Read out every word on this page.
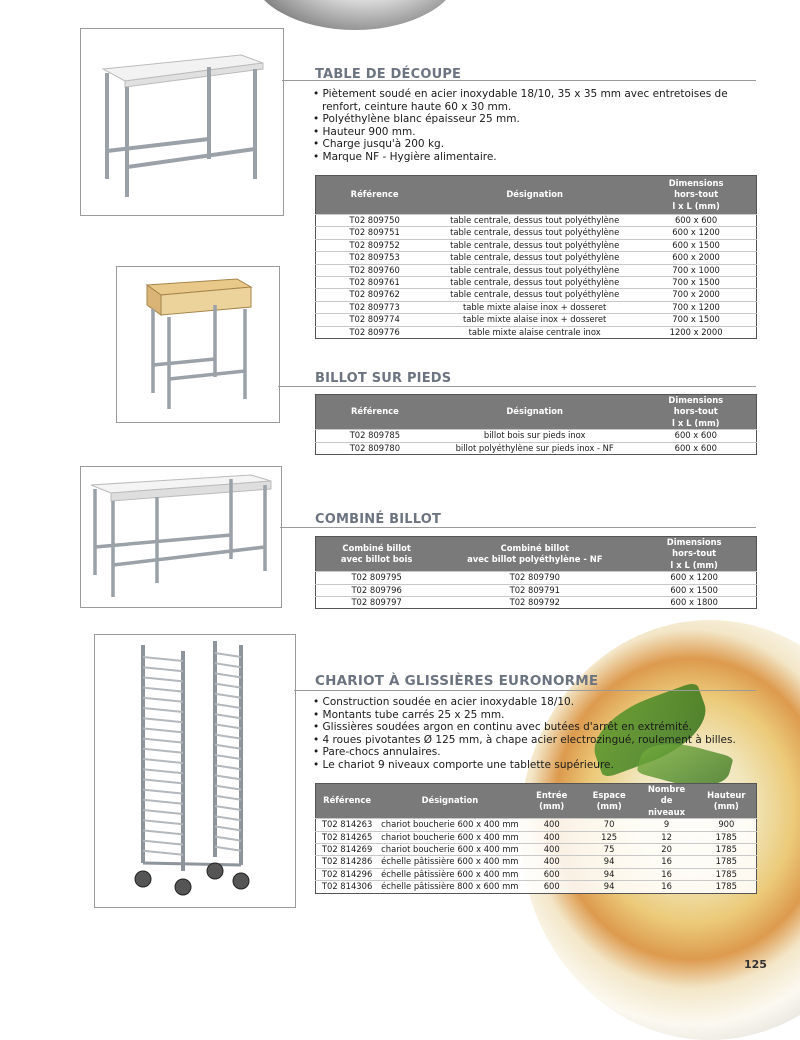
TABLE DE DÉCOUPE
• Piètement soudé en acier inoxydable 18/10, 35 x 35 mm avec entretoises de renfort, ceinture haute 60 x 30 mm.
• Polyéthylène blanc épaisseur 25 mm.
• Hauteur 900 mm.
• Charge jusqu'à 200 kg.
• Marque NF - Hygière alimentaire.
Référence	Désignation	Dimensions
hors-tout
l x L (mm)
T02 809750	table centrale, dessus tout polyéthylène	600 x 600
T02 809751	table centrale, dessus tout polyéthylène	600 x 1200
T02 809752	table centrale, dessus tout polyéthylène	600 x 1500
T02 809753	table centrale, dessus tout polyéthylène	600 x 2000
T02 809760	table centrale, dessus tout polyéthylène	700 x 1000
T02 809761	table centrale, dessus tout polyéthylène	700 x 1500
T02 809762	table centrale, dessus tout polyéthylène	700 x 2000
T02 809773	table mixte alaise inox + dosseret	700 x 1200
T02 809774	table mixte alaise inox + dosseret	700 x 1500
T02 809776	table mixte alaise centrale inox	1200 x 2000
BILLOT SUR PIEDS
Référence	Désignation	Dimensions
hors-tout
l x L (mm)
T02 809785	billot bois sur pieds inox	600 x 600
T02 809780	billot polyéthylène sur pieds inox - NF	600 x 600
COMBINÉ BILLOT
Combiné billot
avec billot bois	Combiné billot
avec billot polyéthylène - NF	Dimensions
hors-tout
l x L (mm)
T02 809795	T02 809790	600 x 1200
T02 809796	T02 809791	600 x 1500
T02 809797	T02 809792	600 x 1800
CHARIOT À GLISSIÈRES EURONORME
• Construction soudée en acier inoxydable 18/10.
• Montants tube carrés 25 x 25 mm.
• Glissières soudées argon en continu avec butées d'arrêt en extrémité.
• 4 roues pivotantes Ø 125 mm, à chape acier electrozingué, roulement à billes.
• Pare-chocs annulaires.
• Le chariot 9 niveaux comporte une tablette supérieure.
Référence	Désignation	Entrée
(mm)	Espace
(mm)	Nombre
de
niveaux	Hauteur
(mm)
T02 814263	chariot boucherie 600 x 400 mm	400	70	9	900
T02 814265	chariot boucherie 600 x 400 mm	400	125	12	1785
T02 814269	chariot boucherie 600 x 400 mm	400	75	20	1785
T02 814286	échelle pâtissière 600 x 400 mm	400	94	16	1785
T02 814296	échelle pâtissière 600 x 400 mm	600	94	16	1785
T02 814306	échelle pâtissière 800 x 600 mm	600	94	16	1785
125
